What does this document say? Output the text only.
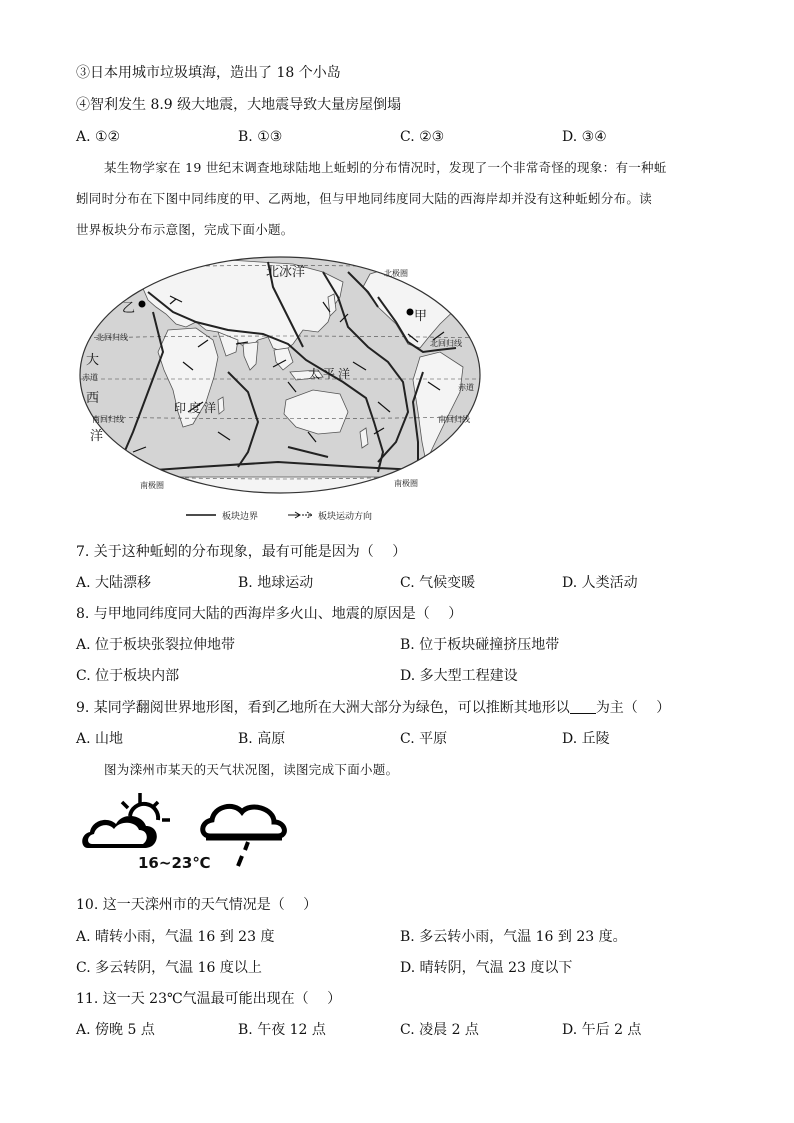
③日本用城市垃圾填海，造出了 18 个小岛
④智利发生 8.9 级大地震，大地震导致大量房屋倒塌
A. ①②	B. ①③	C. ②③	D. ③④
某生物学家在 19 世纪末调查地球陆地上蚯蚓的分布情况时，发现了一个非常奇怪的现象：有一种蚯
蚓同时分布在下图中同纬度的甲、乙两地，但与甲地同纬度同大陆的西海岸却并没有这种蚯蚓分布。读
世界板块分布示意图，完成下面小题。
北冰洋	北极圈
乙
甲
北回归线
北回归线
大
赤道
赤道
西
南回归线	南回归线
洋
南极圈	南极圈
太 平 洋
印 度 洋
板块边界	板块运动方向
7. 关于这种蚯蚓的分布现象，最有可能是因为（　 ）
A. 大陆漂移	B. 地球运动	C. 气候变暖	D. 人类活动
8. 与甲地同纬度同大陆的西海岸多火山、地震的原因是（　 ）
A. 位于板块张裂拉伸地带	B. 位于板块碰撞挤压地带
C. 位于板块内部	D. 多大型工程建设
9. 某同学翻阅世界地形图，看到乙地所在大洲大部分为绿色，可以推断其地形以 为主（　 ）
A. 山地	B. 高原	C. 平原	D. 丘陵
图为滦州市某天的天气状况图，读图完成下面小题。
16~23℃
10. 这一天滦州市的天气情况是（　 ）
A. 晴转小雨，气温 16 到 23 度	B. 多云转小雨，气温 16 到 23 度。
C. 多云转阴，气温 16 度以上	D. 晴转阴，气温 23 度以下
11. 这一天 23℃气温最可能出现在（　 ）
A. 傍晚 5 点	B. 午夜 12 点	C. 凌晨 2 点	D. 午后 2 点
